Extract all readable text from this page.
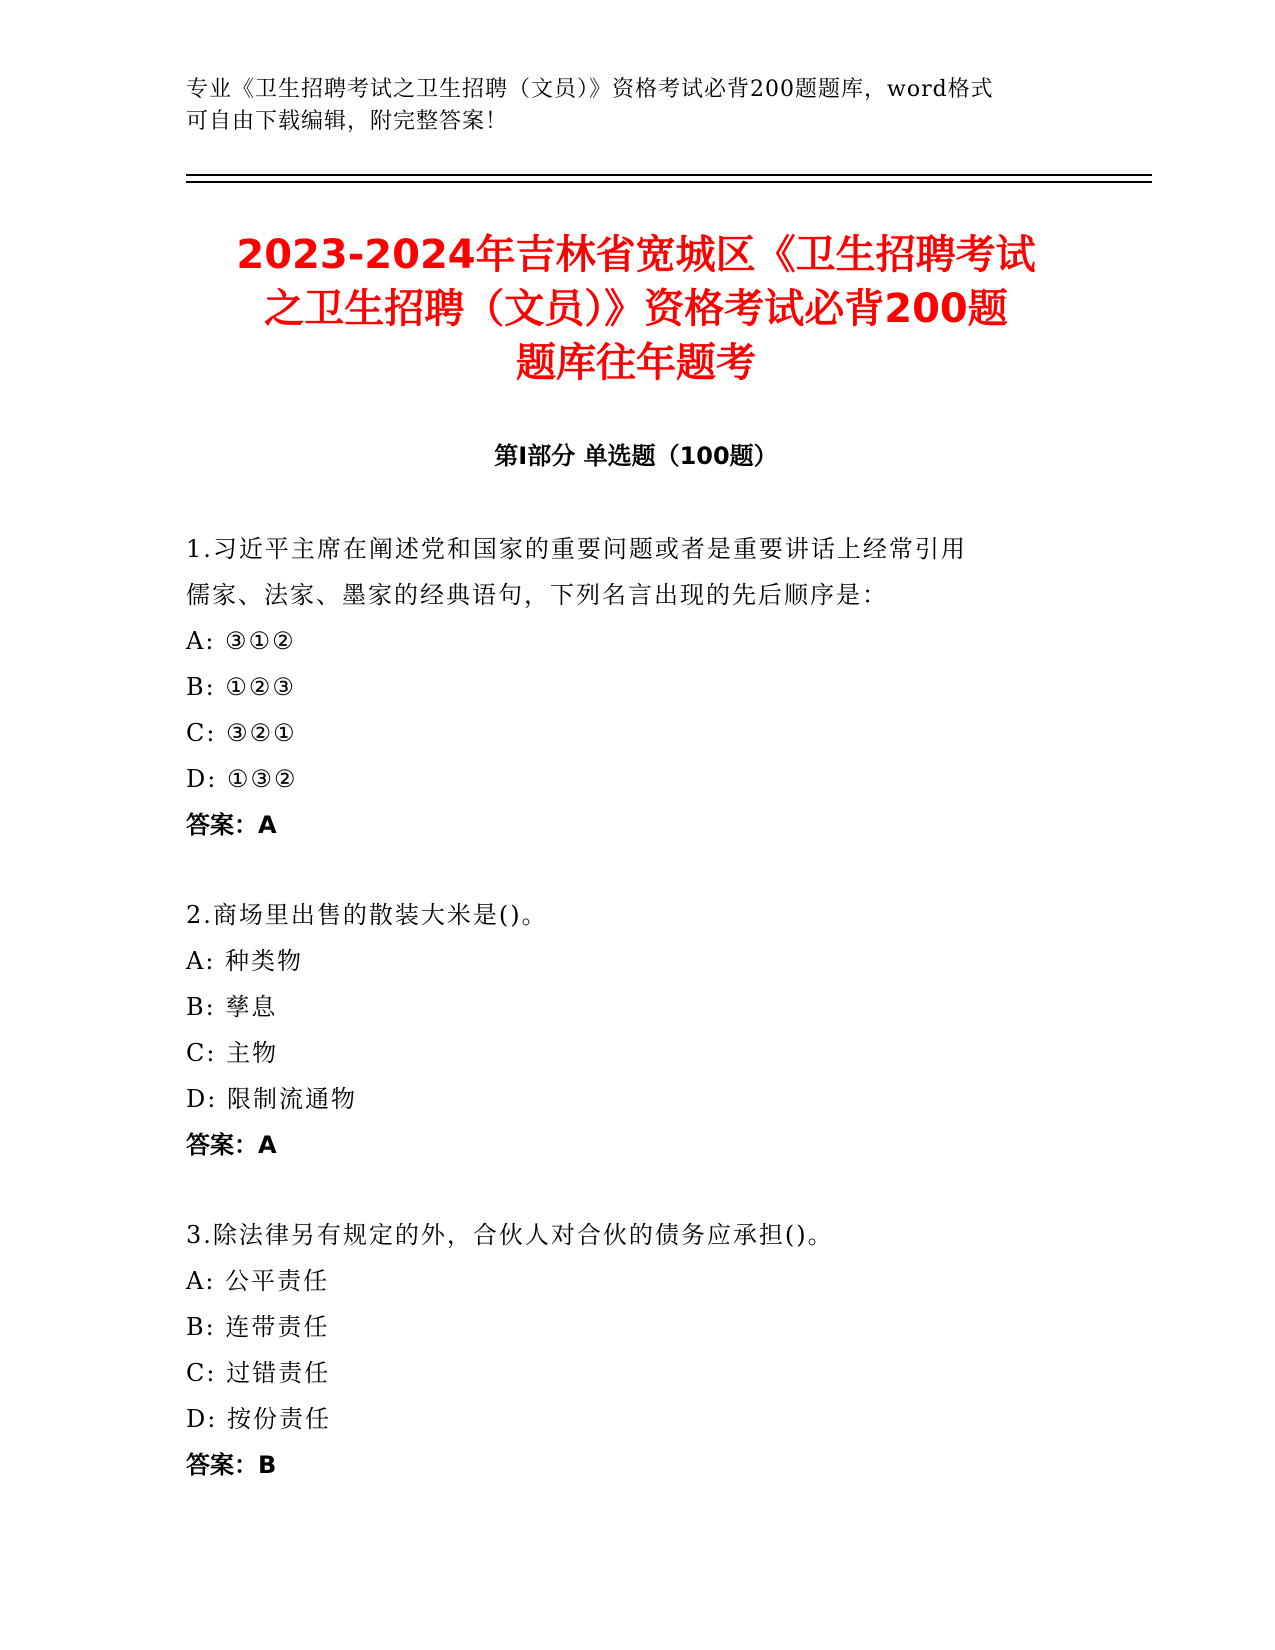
专业《卫生招聘考试之卫生招聘（文员）》资格考试必背200题题库，word格式
可自由下载编辑，附完整答案！
2023-2024年吉林省宽城区《卫生招聘考试
之卫生招聘（文员）》资格考试必背200题
题库往年题考
第Ⅰ部分 单选题（100题）
1.习近平主席在阐述党和国家的重要问题或者是重要讲话上经常引用
儒家、法家、墨家的经典语句，下列名言出现的先后顺序是：
A: ③①②
B: ①②③
C: ③②①
D: ①③②
答案：A
2.商场里出售的散装大米是()。
A: 种类物
B: 孳息
C: 主物
D: 限制流通物
答案：A
3.除法律另有规定的外，合伙人对合伙的债务应承担()。
A: 公平责任
B: 连带责任
C: 过错责任
D: 按份责任
答案：B
